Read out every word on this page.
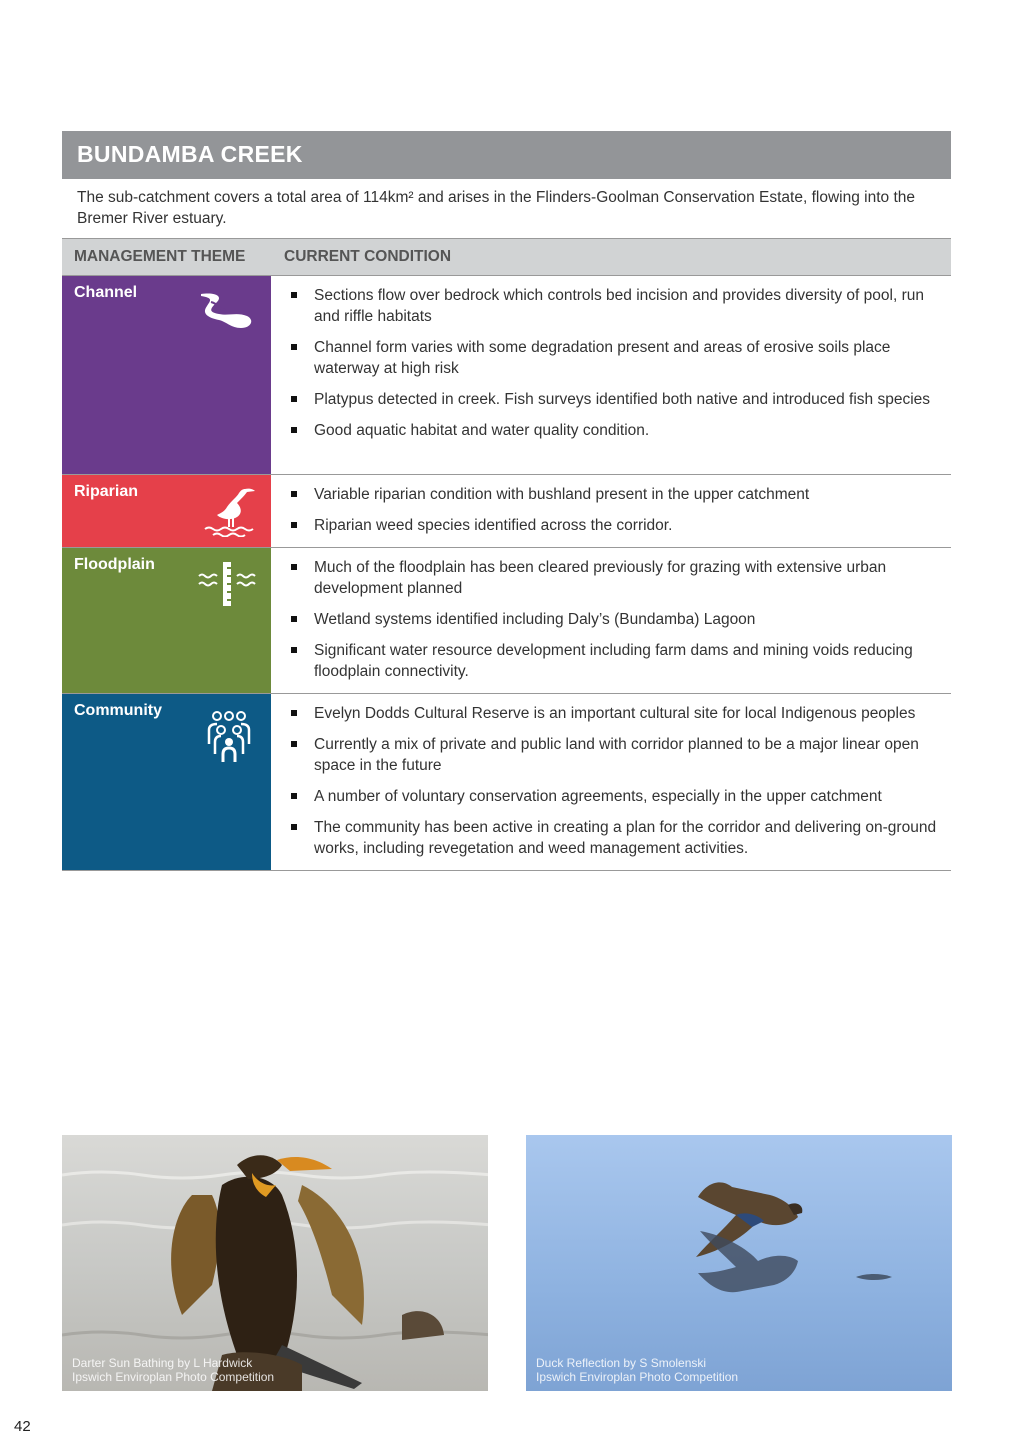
BUNDAMBA CREEK
The sub-catchment covers a total area of 114km² and arises in the Flinders-Goolman Conservation Estate, flowing into the Bremer River estuary.
MANAGEMENT THEME	CURRENT CONDITION
Channel	Sections flow over bedrock which controls bed incision and provides diversity of pool, run and riffle habitats
Channel form varies with some degradation present and areas of erosive soils place waterway at high risk
Platypus detected in creek. Fish surveys identified both native and introduced fish species
Good aquatic habitat and water quality condition.
Riparian	Variable riparian condition with bushland present in the upper catchment
Riparian weed species identified across the corridor.
Floodplain	Much of the floodplain has been cleared previously for grazing with extensive urban development planned
Wetland systems identified including Daly’s (Bundamba) Lagoon
Significant water resource development including farm dams and mining voids reducing floodplain connectivity.
Community	Evelyn Dodds Cultural Reserve is an important cultural site for local Indigenous peoples
Currently a mix of private and public land with corridor planned to be a major linear open space in the future
A number of voluntary conservation agreements, especially in the upper catchment
The community has been active in creating a plan for the corridor and delivering on-ground works, including revegetation and weed management activities.
Darter Sun Bathing by L Hardwick
Ipswich Enviroplan Photo Competition
Duck Reflection by S Smolenski
Ipswich Enviroplan Photo Competition
42
